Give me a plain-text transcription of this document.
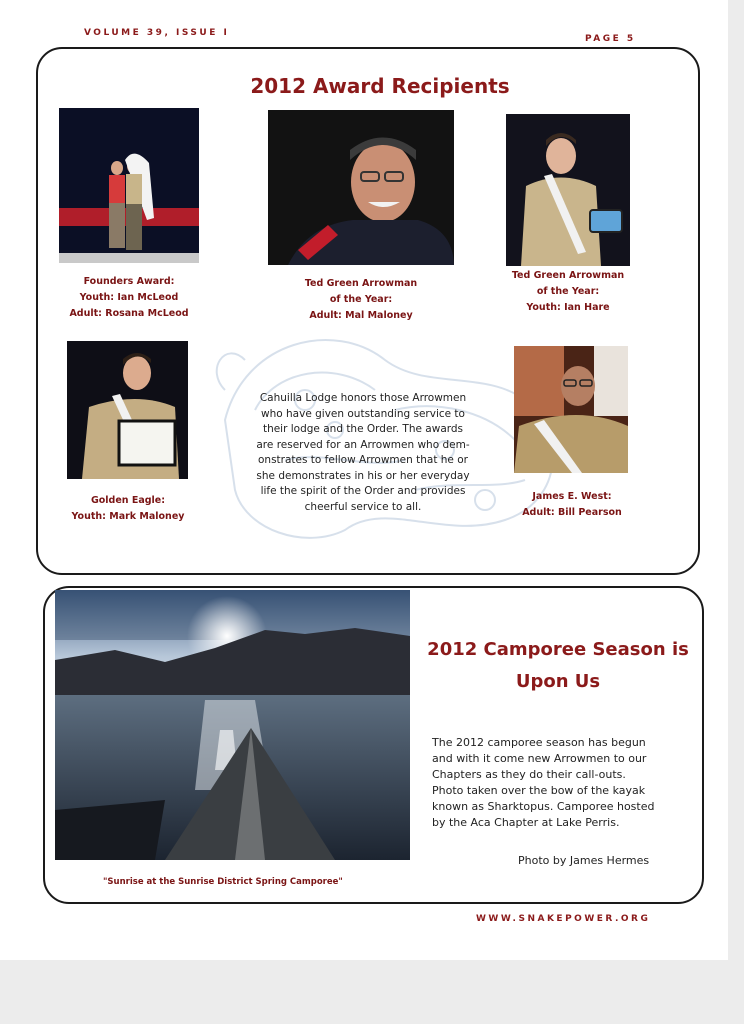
VOLUME 39, ISSUE I
PAGE 5
2012 Award Recipients
Founders Award:
Youth: Ian McLeod
Adult: Rosana McLeod
Ted Green Arrowman
of the Year:
Adult: Mal Maloney
Ted Green Arrowman
of the Year:
Youth: Ian Hare
Golden Eagle:
Youth: Mark Maloney
James E. West:
Adult: Bill Pearson
Cahuilla Lodge honors those Arrowmen
who have given outstanding service to
their lodge and the Order. The awards
are reserved for an Arrowmen who dem-
onstrates to fellow Arrowmen that he or
she demonstrates in his or her everyday
life the spirit of the Order and provides
cheerful service to all.
2012 Camporee Season is
Upon Us
The 2012 camporee season has begun
and with it come new Arrowmen to our
Chapters as they do their call-outs.
Photo taken over the bow of the kayak
known as Sharktopus. Camporee hosted
by the Aca Chapter at Lake Perris.
Photo by James Hermes
"Sunrise at the Sunrise District Spring Camporee"
WWW.SNAKEPOWER.ORG
